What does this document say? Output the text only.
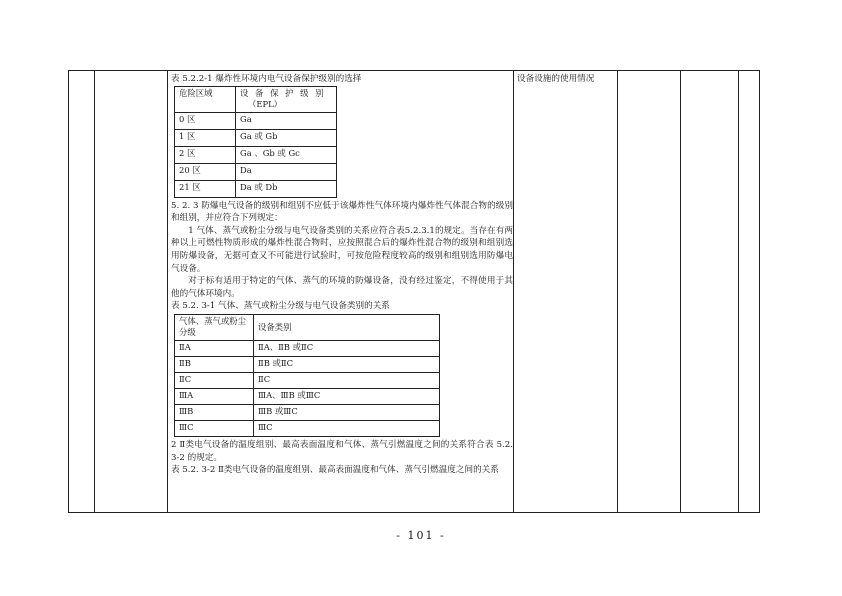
表 5.2.2-1 爆炸性环境内电气设备保护级别的选择

危险区域	设 备 保 护 级 别
（EPL）

0 区	Ga
1 区	Ga 或 Gb
2 区	Ga 、Gb 或 Gc
20 区	Da
21 区	Da 或 Db

5. 2. 3 防爆电气设备的级别和组别不应低于该爆炸性气体环境内爆炸性气体混合物的级别和组别，并应符合下列规定：

1 气体、蒸气或粉尘分级与电气设备类别的关系应符合表5.2.3.1的规定。当存在有两种以上可燃性物质形成的爆炸性混合物时，应按照混合后的爆炸性混合物的级别和组别选用防爆设备，无据可查又不可能进行试验时，可按危险程度较高的级别和组别选用防爆电气设备。

对于标有适用于特定的气体、蒸气的环境的防爆设备，没有经过鉴定，不得使用于其他的气体环境内。

表 5.2. 3-1 气体、蒸气或粉尘分级与电气设备类别的关系

气体、蒸气或粉尘分级	设备类别
ⅡA	ⅡA、ⅡB 或ⅡC
ⅡB	ⅡB 或ⅡC
ⅡC	ⅡC
ⅢA	ⅢA、ⅢB 或ⅢC
ⅢB	ⅢB 或ⅢC
ⅢC	ⅢC

2 Ⅱ类电气设备的温度组别、最高表面温度和气体、蒸气引燃温度之间的关系符合表 5.2. 3-2 的规定。

表 5.2. 3-2 Ⅱ类电气设备的温度组别、最高表面温度和气体、蒸气引燃温度之间的关系

设备设施的使用情况
- 101 -
